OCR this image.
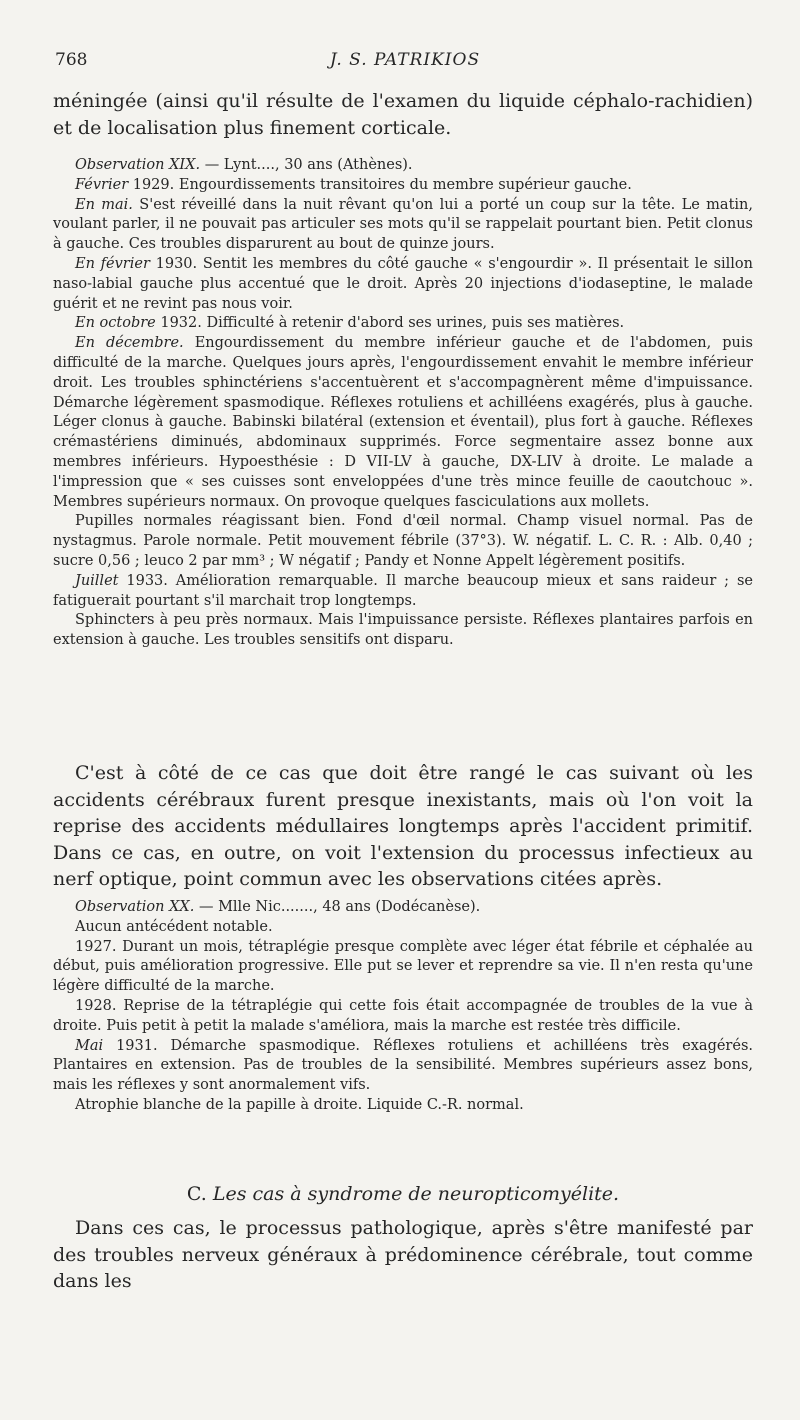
768	J. S. PATRIKIOS

méningée (ainsi qu'il résulte de l'examen du liquide céphalo-rachidien) et de localisation plus finement corticale.

Observation XIX. — Lynt...., 30 ans (Athènes).

Février 1929. Engourdissements transitoires du membre supérieur gauche.

En mai. S'est réveillé dans la nuit rêvant qu'on lui a porté un coup sur la tête. Le matin, voulant parler, il ne pouvait pas articuler ses mots qu'il se rappelait pourtant bien. Petit clonus à gauche. Ces troubles disparurent au bout de quinze jours.

En février 1930. Sentit les membres du côté gauche « s'engourdir ». Il présentait le sillon naso-labial gauche plus accentué que le droit. Après 20 injections d'iodaseptine, le malade guérit et ne revint pas nous voir.

En octobre 1932. Difficulté à retenir d'abord ses urines, puis ses matières.

En décembre. Engourdissement du membre inférieur gauche et de l'abdomen, puis difficulté de la marche. Quelques jours après, l'engourdissement envahit le membre inférieur droit. Les troubles sphinctériens s'accentuèrent et s'accompagnèrent même d'impuissance. Démarche légèrement spasmodique. Réflexes rotuliens et achilléens exagérés, plus à gauche. Léger clonus à gauche. Babinski bilatéral (extension et éventail), plus fort à gauche. Réflexes crémastériens diminués, abdominaux supprimés. Force segmentaire assez bonne aux membres inférieurs. Hypoesthésie : D VII-LV à gauche, DX-LIV à droite. Le malade a l'impression que « ses cuisses sont enveloppées d'une très mince feuille de caoutchouc ». Membres supérieurs normaux. On provoque quelques fasciculations aux mollets.

Pupilles normales réagissant bien. Fond d'œil normal. Champ visuel normal. Pas de nystagmus. Parole normale. Petit mouvement fébrile (37°3). W. négatif. L. C. R. : Alb. 0,40 ; sucre 0,56 ; leuco 2 par mm³ ; W négatif ; Pandy et Nonne Appelt légèrement positifs.

Juillet 1933. Amélioration remarquable. Il marche beaucoup mieux et sans raideur ; se fatiguerait pourtant s'il marchait trop longtemps.

Sphincters à peu près normaux. Mais l'impuissance persiste. Réflexes plantaires parfois en extension à gauche. Les troubles sensitifs ont disparu.

C'est à côté de ce cas que doit être rangé le cas suivant où les accidents cérébraux furent presque inexistants, mais où l'on voit la reprise des accidents médullaires longtemps après l'accident primitif. Dans ce cas, en outre, on voit l'extension du processus infectieux au nerf optique, point commun avec les observations citées après.

Observation XX. — Mlle Nic......., 48 ans (Dodécanèse).

Aucun antécédent notable.

1927. Durant un mois, tétraplégie presque complète avec léger état fébrile et céphalée au début, puis amélioration progressive. Elle put se lever et reprendre sa vie. Il n'en resta qu'une légère difficulté de la marche.

1928. Reprise de la tétraplégie qui cette fois était accompagnée de troubles de la vue à droite. Puis petit à petit la malade s'améliora, mais la marche est restée très difficile.

Mai 1931. Démarche spasmodique. Réflexes rotuliens et achilléens très exagérés. Plantaires en extension. Pas de troubles de la sensibilité. Membres supérieurs assez bons, mais les réflexes y sont anormalement vifs.

Atrophie blanche de la papille à droite. Liquide C.-R. normal.

C. Les cas à syndrome de neuropticomyélite.

Dans ces cas, le processus pathologique, après s'être manifesté par des troubles nerveux généraux à prédominence cérébrale, tout comme dans les
